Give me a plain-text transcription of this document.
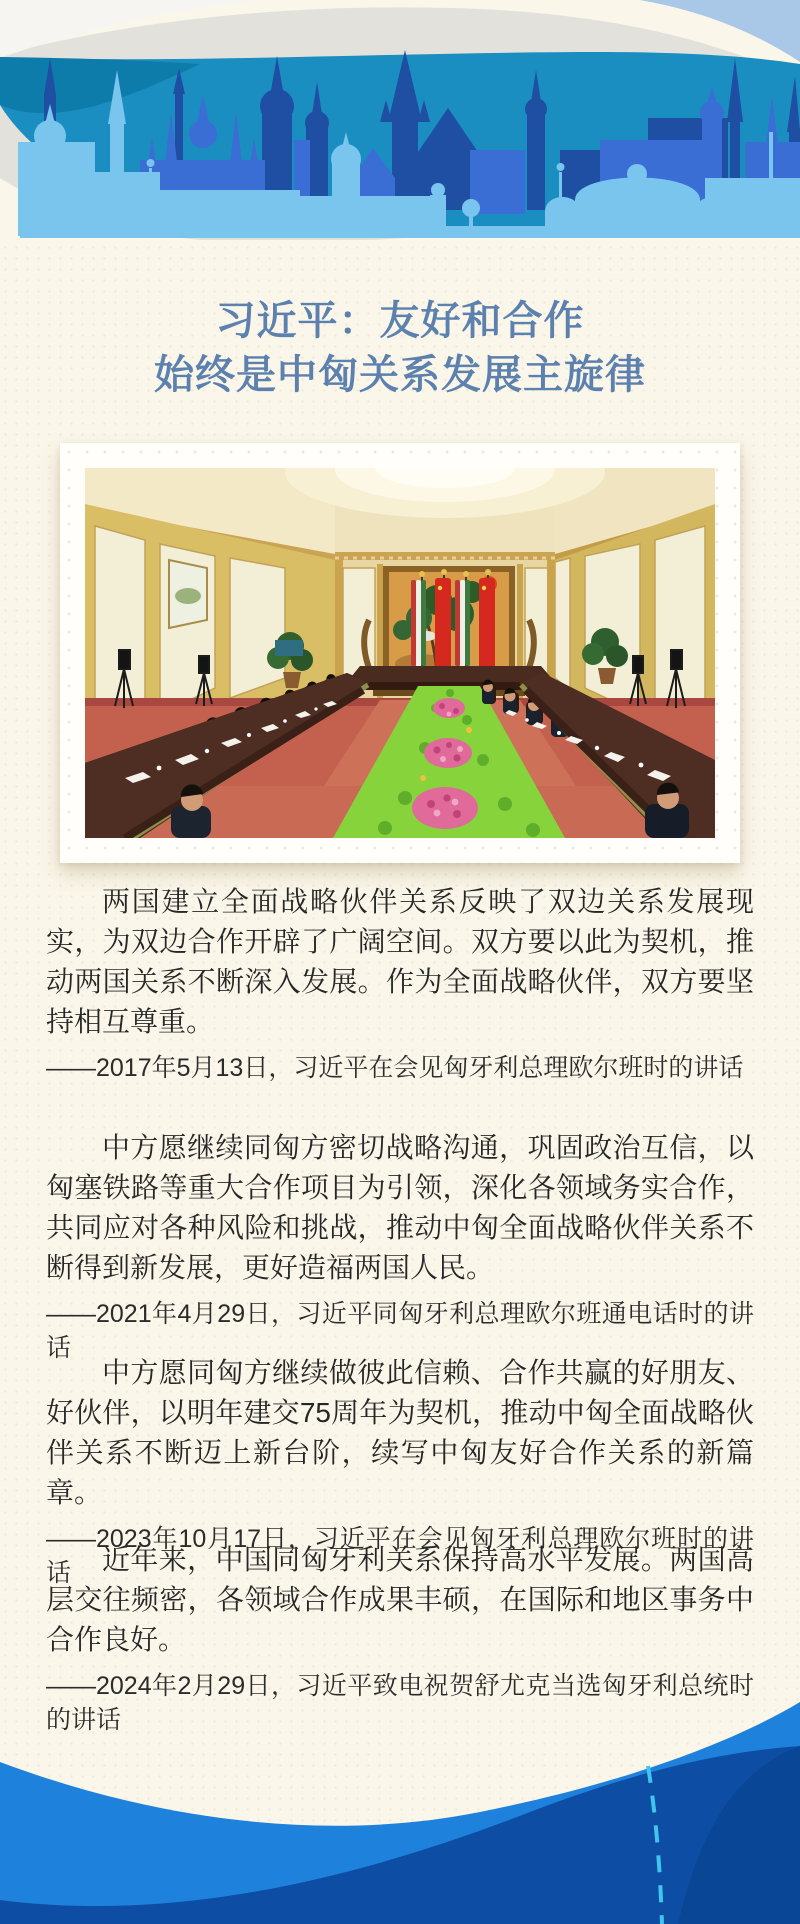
习近平：友好和合作
始终是中匈关系发展主旋律

两国建立全面战略伙伴关系反映了双边关系发展现实，为双边合作开辟了广阔空间。双方要以此为契机，推动两国关系不断深入发展。作为全面战略伙伴，双方要坚持相互尊重。

——2017年5月13日，习近平在会见匈牙利总理欧尔班时的讲话

中方愿继续同匈方密切战略沟通，巩固政治互信，以匈塞铁路等重大合作项目为引领，深化各领域务实合作，共同应对各种风险和挑战，推动中匈全面战略伙伴关系不断得到新发展，更好造福两国人民。

——2021年4月29日，习近平同匈牙利总理欧尔班通电话时的讲话

中方愿同匈方继续做彼此信赖、合作共赢的好朋友、好伙伴，以明年建交75周年为契机，推动中匈全面战略伙伴关系不断迈上新台阶，续写中匈友好合作关系的新篇章。

——2023年10月17日，习近平在会见匈牙利总理欧尔班时的讲话	近年来，中国同匈牙利关系保持高水平发展。两国高层交往频密，各领域合作成果丰硕，在国际和地区事务中合作良好。

——2024年2月29日，习近平致电祝贺舒尤克当选匈牙利总统时的讲话
